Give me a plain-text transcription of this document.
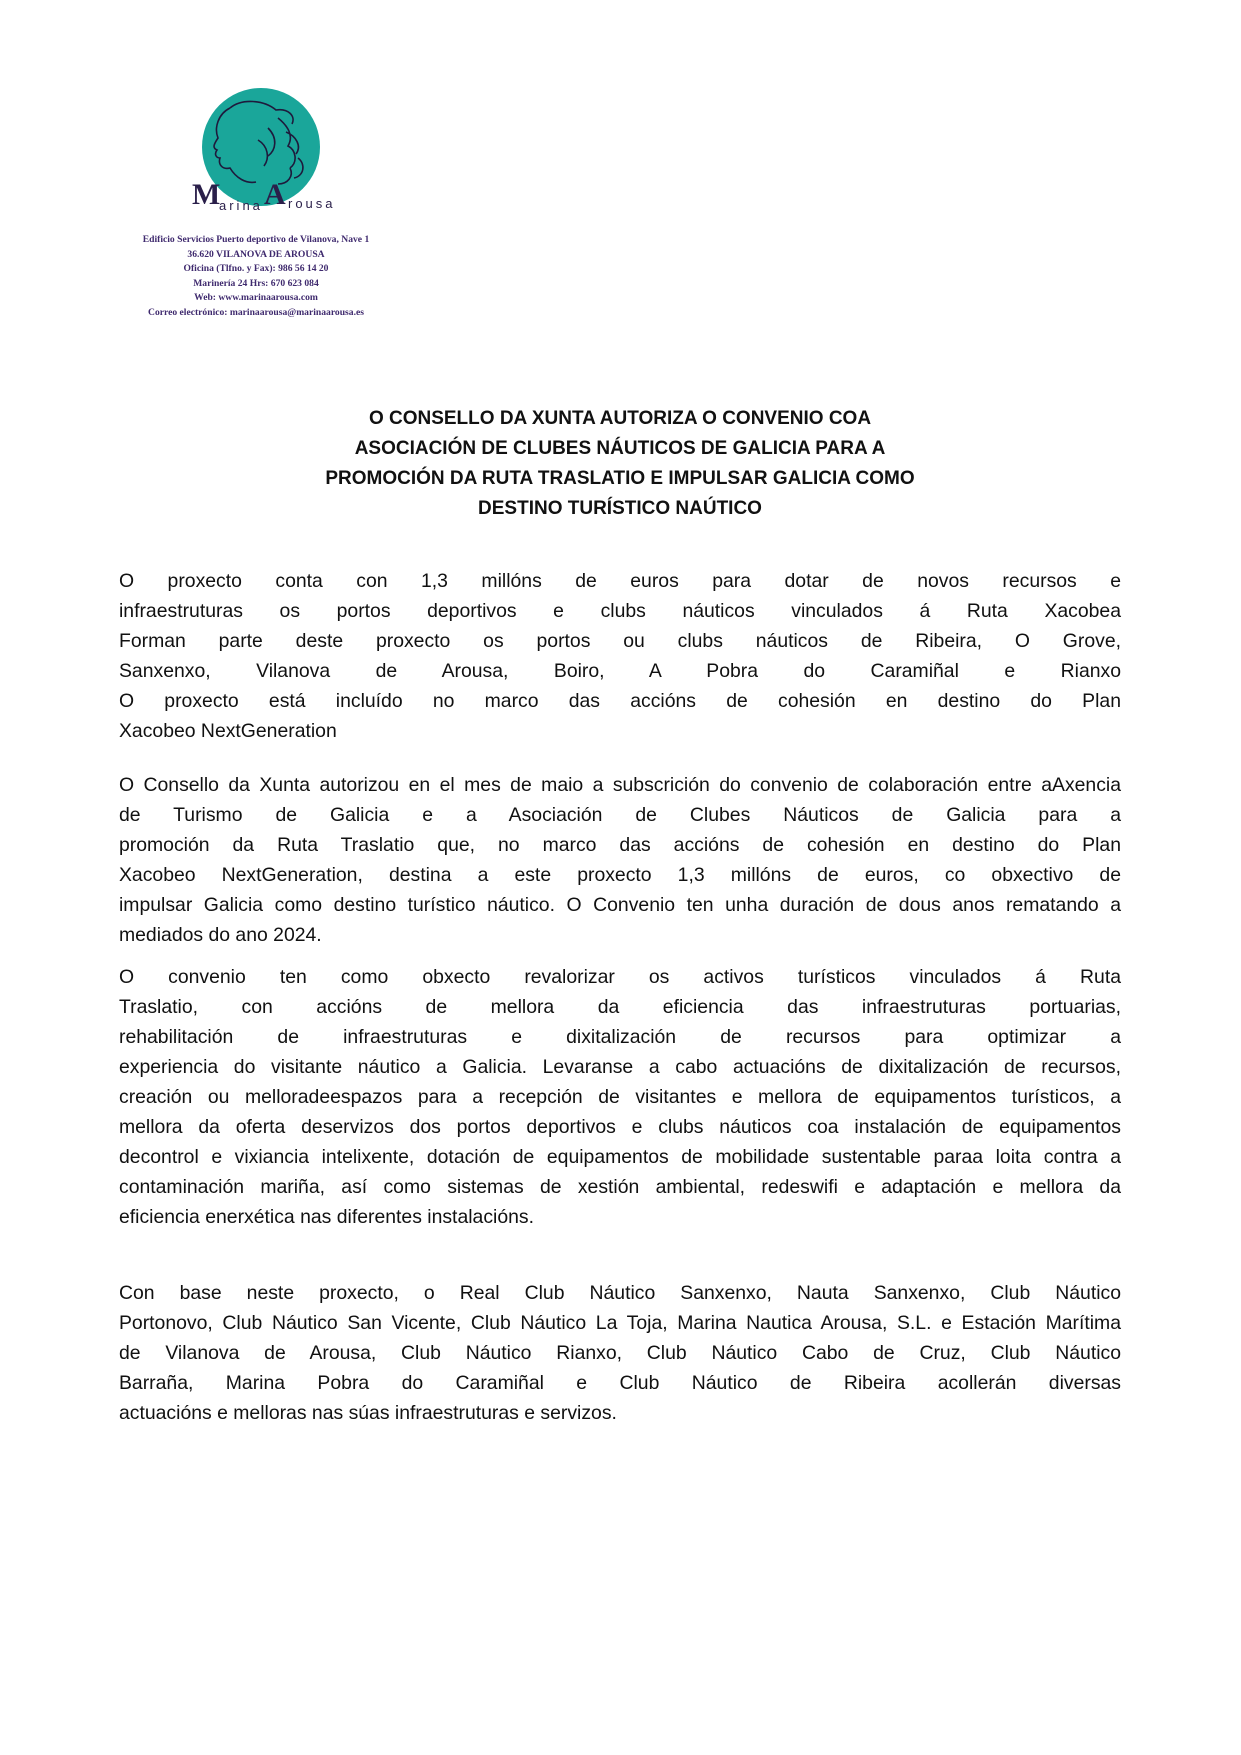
M
arina A rousa
Edificio Servicios Puerto deportivo de Vilanova, Nave 1
36.620 VILANOVA DE AROUSA
Oficina (Tlfno. y Fax): 986 56 14 20
Marinería 24 Hrs: 670 623 084
Web: www.marinaarousa.com
Correo electrónico: marinaarousa@marinaarousa.es
O CONSELLO DA XUNTA AUTORIZA O CONVENIO COA
ASOCIACIÓN DE CLUBES NÁUTICOS DE GALICIA PARA A
PROMOCIÓN DA RUTA TRASLATIO E IMPULSAR GALICIA COMO
DESTINO TURÍSTICO NAÚTICO
O proxecto conta con 1,3 millóns de euros para dotar de novos recursos e
infraestruturas os portos deportivos e clubs náuticos vinculados á Ruta Xacobea
Forman parte deste proxecto os portos ou clubs náuticos de Ribeira, O Grove,
Sanxenxo, Vilanova de Arousa, Boiro, A Pobra do Caramiñal e Rianxo
O proxecto está incluído no marco das accións de cohesión en destino do Plan
Xacobeo NextGeneration
O Consello da Xunta autorizou en el mes de maio a subscrición do convenio de colaboración entre aAxencia
de Turismo de Galicia e a Asociación de Clubes Náuticos de Galicia para a
promoción da Ruta Traslatio que, no marco das accións de cohesión en destino do Plan
Xacobeo NextGeneration, destina a este proxecto 1,3 millóns de euros, co obxectivo de
impulsar Galicia como destino turístico náutico. O Convenio ten unha duración de dous anos rematando a
mediados do ano 2024.
O convenio ten como obxecto revalorizar os activos turísticos vinculados á Ruta
Traslatio, con accións de mellora da eficiencia das infraestruturas portuarias,
rehabilitación de infraestruturas e dixitalización de recursos para optimizar a
experiencia do visitante náutico a Galicia. Levaranse a cabo actuacións de dixitalización de recursos,
creación ou melloradeespazos para a recepción de visitantes e mellora de equipamentos turísticos, a
mellora da oferta deservizos dos portos deportivos e clubs náuticos coa instalación de equipamentos
decontrol e vixiancia intelixente, dotación de equipamentos de mobilidade sustentable paraa loita contra a
contaminación mariña, así como sistemas de xestión ambiental, redeswifi e adaptación e mellora da
eficiencia enerxética nas diferentes instalacións.
Con base neste proxecto, o Real Club Náutico Sanxenxo, Nauta Sanxenxo, Club Náutico
Portonovo, Club Náutico San Vicente, Club Náutico La Toja, Marina Nautica Arousa, S.L. e Estación Marítima
de Vilanova de Arousa, Club Náutico Rianxo, Club Náutico Cabo de Cruz, Club Náutico
Barraña, Marina Pobra do Caramiñal e Club Náutico de Ribeira acollerán diversas
actuacións e melloras nas súas infraestruturas e servizos.
